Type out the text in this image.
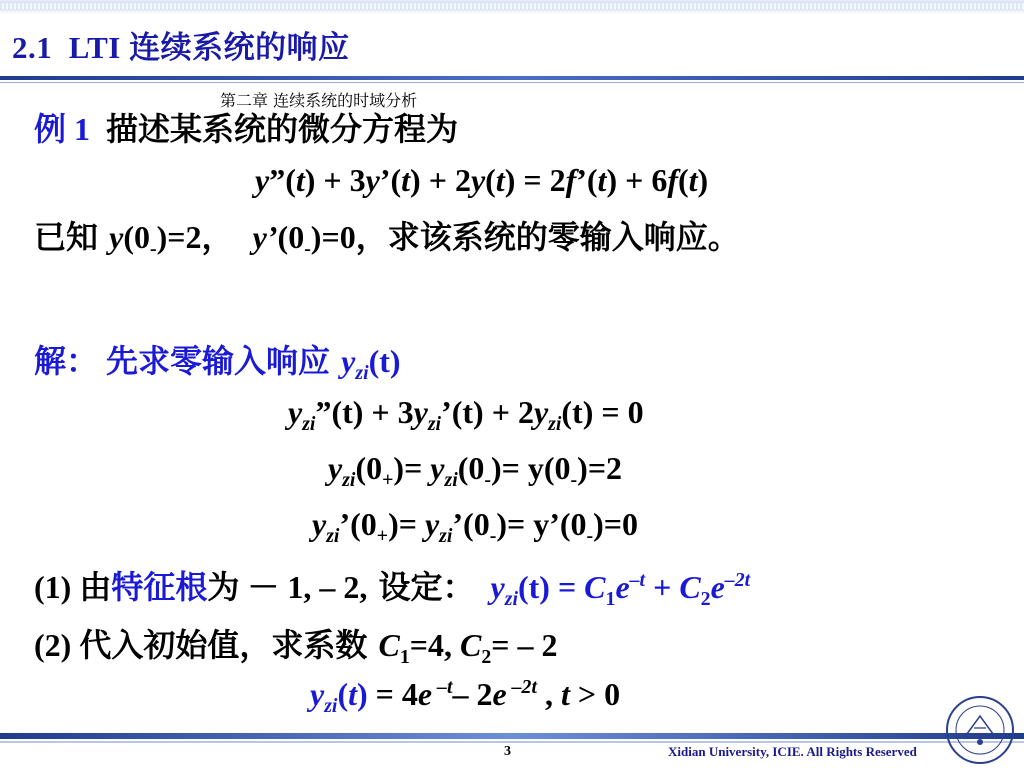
2.1 LTI 连续系统的响应
第二章 连续系统的时域分析
例 1 描述某系统的微分方程为
y”(t) + 3y’(t) + 2y(t) = 2f’(t) + 6f(t)
已知 $y(0_-)=2$，  $y’(0_-)=0$，求该系统的零输入响应。
解： 先求零输入响应 $y_{zi}(t)$
$y_{zi}”(t)$ + $3y_{zi}’(t) + 2y_{zi}(t) = 0$
$y_{zi}(0_+)= y_{zi}(0_-)= y(0_-)=2$
$y_{zi}’(0_+)=$ $y_{zi}’(0_-)=$ $y’(0_-)=0$
(1) 由特征根为 － 1, – 2, 设定： $y_{zi}(t) = C_1e^{-t} + C_2e^{-2t}$
(2) 代入初始值，求系数 $C_1=4$, $C_2= - 2$
$y_{zi}(t) = 4e$ $^{-t}$– 2e $^{-2t}$ , t > 0
3	Xidian University, ICIE. All Rights Reserved
